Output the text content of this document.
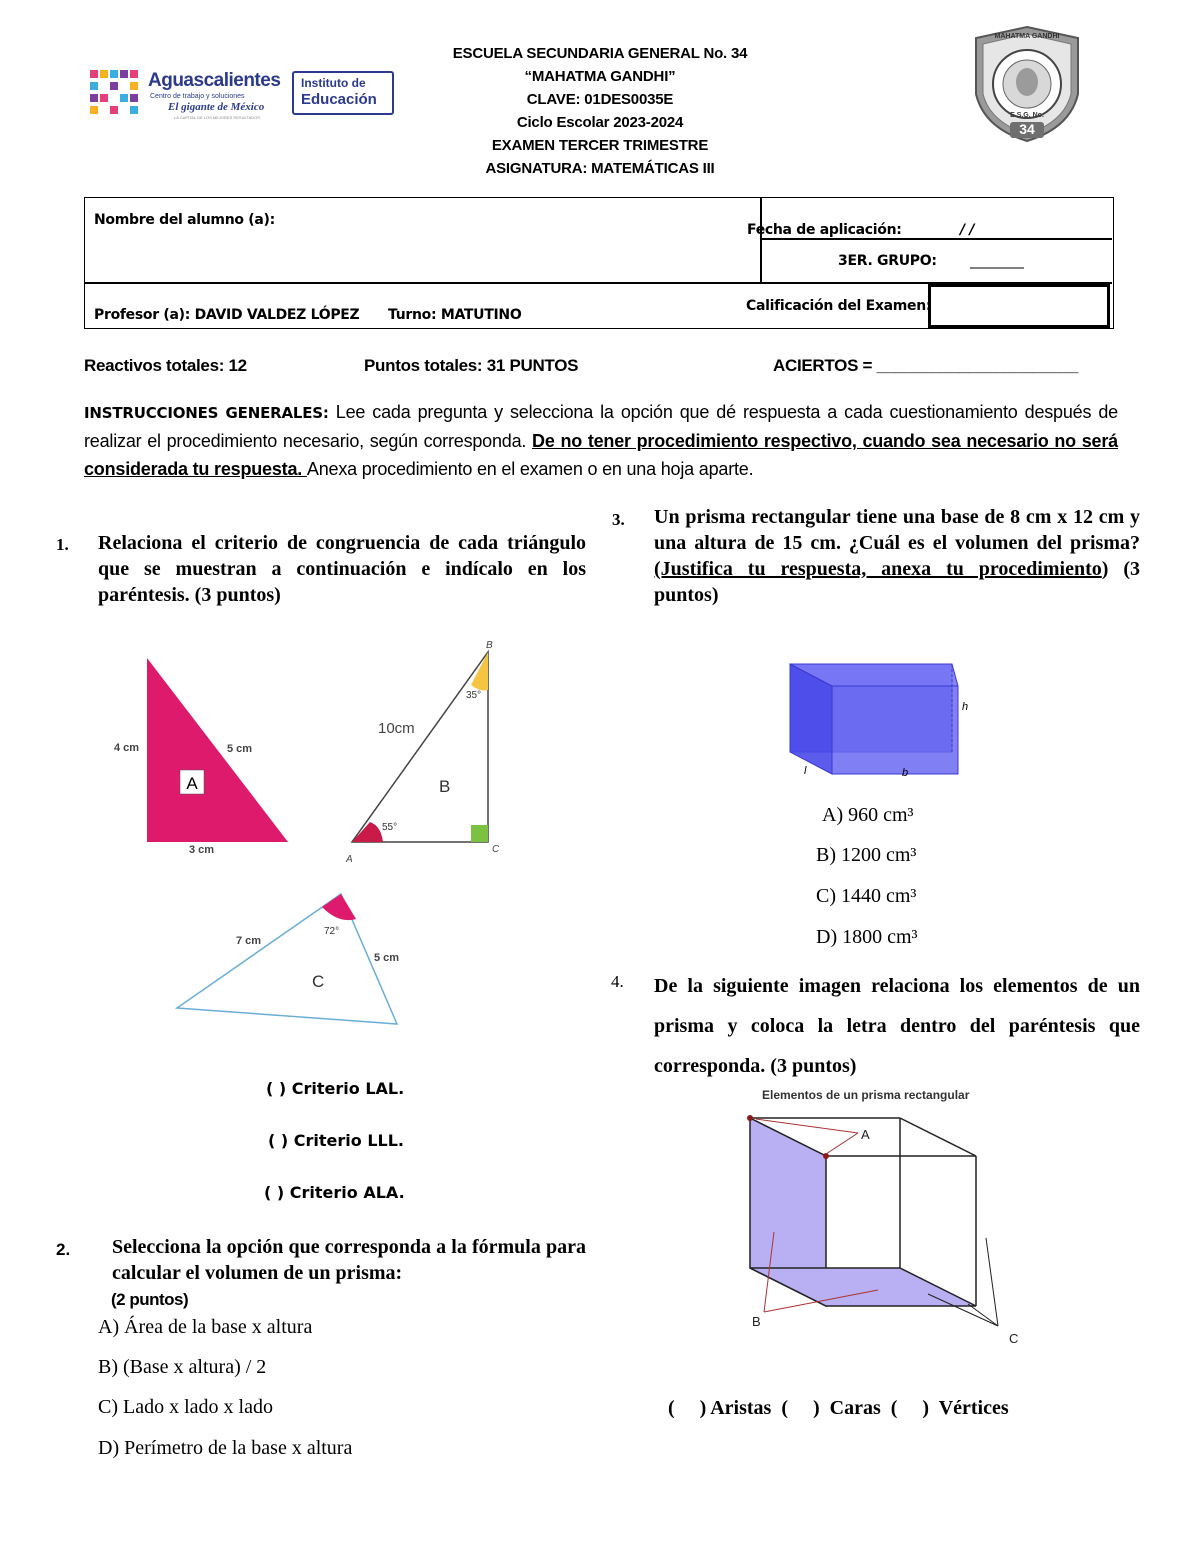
Aguascalientes
Centro de trabajo y soluciones
El gigante de México
LA CAPITAL DE LOS MEJORES RESULTADOS
Instituto de
Educación
ESCUELA SECUNDARIA GENERAL No. 34
“MAHATMA GANDHI”
CLAVE: 01DES0035E
Ciclo Escolar 2023-2024
EXAMEN TERCER TRIMESTRE
ASIGNATURA: MATEMÁTICAS III
MAHATMA GANDHI
E.S.G. No.
34
Nombre del alumno (a):
Fecha de aplicación:	/ /
3ER. GRUPO: ________
Profesor (a): DAVID VALDEZ LÓPEZ Turno: MATUTINO
Calificación del Examen:
Reactivos totales: 12	Puntos totales: 31 PUNTOS	ACIERTOS = ______________________
INSTRUCCIONES GENERALES: Lee cada pregunta y selecciona la opción que dé respuesta a cada cuestionamiento después de realizar el procedimiento necesario, según corresponda. De no tener procedimiento respectivo, cuando sea necesario no será considerada tu respuesta. Anexa procedimiento en el examen o en una hoja aparte.
1. Relaciona el criterio de congruencia de cada triángulo que se muestran a continuación e indícalo en los paréntesis. (3 puntos)
A
4 cm	5 cm
3 cm
B
A
C
35°
55°
10cm
B
72°
7 cm
5 cm
C
( ) Criterio LAL.
( ) Criterio LLL.
( ) Criterio ALA.
2. Selecciona la opción que corresponda a la fórmula para calcular el volumen de un prisma:
(2 puntos)
A) Área de la base x altura
B) (Base x altura) / 2
C) Lado x lado x lado
D) Perímetro de la base x altura
3. Un prisma rectangular tiene una base de 8 cm x 12 cm y una altura de 15 cm. ¿Cuál es el volumen del prisma? (Justifica tu respuesta, anexa tu procedimiento) (3 puntos)
h
l	b
A) 960 cm³
B) 1200 cm³
C) 1440 cm³
D) 1800 cm³
4. De la siguiente imagen relaciona los elementos de un prisma y coloca la letra dentro del paréntesis que corresponda. (3 puntos)
Elementos de un prisma rectangular
A
B
C
(     ) Aristas  (     )  Caras  (     )  Vértices
